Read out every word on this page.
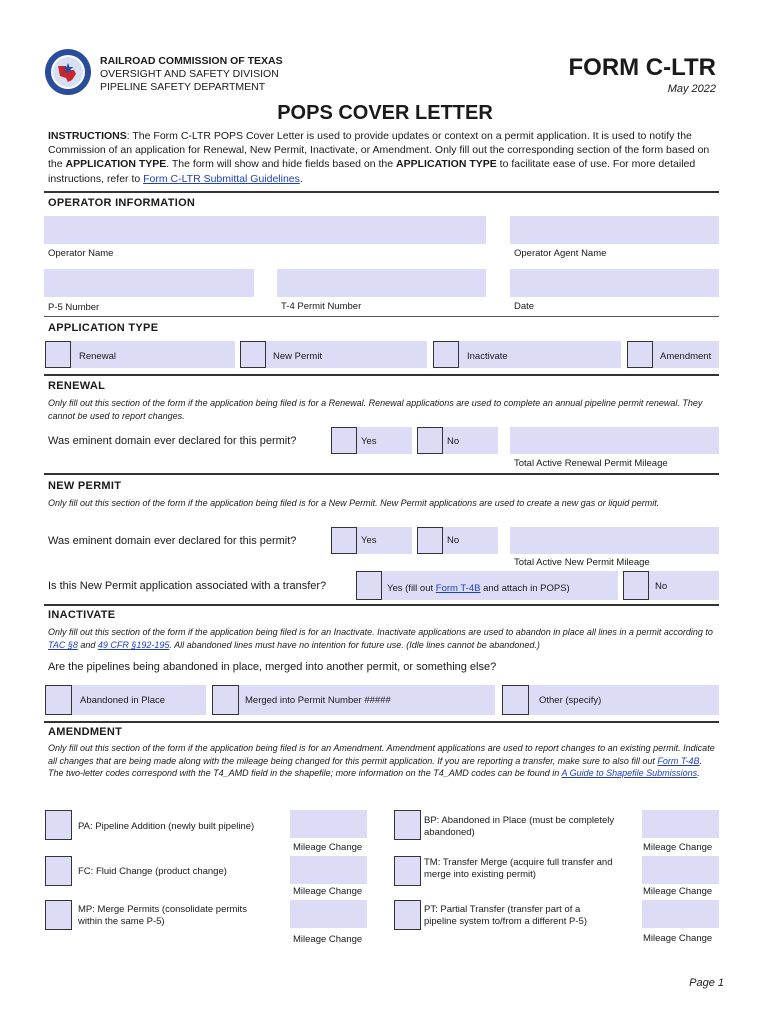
RAILROAD COMMISSION OF TEXAS
OVERSIGHT AND SAFETY DIVISION
PIPELINE SAFETY DEPARTMENT
FORM C-LTR
May 2022
POPS COVER LETTER
INSTRUCTIONS: The Form C-LTR POPS Cover Letter is used to provide updates or context on a permit application. It is used to notify the Commission of an application for Renewal, New Permit, Inactivate, or Amendment. Only fill out the corresponding section of the form based on the APPLICATION TYPE. The form will show and hide fields based on the APPLICATION TYPE to facilitate ease of use. For more detailed instructions, refer to Form C-LTR Submittal Guidelines.
OPERATOR INFORMATION
Operator Name	Operator Agent Name
P-5 Number	T-4 Permit Number	Date
APPLICATION TYPE
Renewal	New Permit	Inactivate	Amendment
RENEWAL
Only fill out this section of the form if the application being filed is for a Renewal. Renewal applications are used to complete an annual pipeline permit renewal. They cannot be used to report changes.
Was eminent domain ever declared for this permit?	Yes	No
Total Active Renewal Permit Mileage
NEW PERMIT
Only fill out this section of the form if the application being filed is for a New Permit. New Permit applications are used to create a new gas or liquid permit.
Was eminent domain ever declared for this permit?	Yes	No
Total Active New Permit Mileage
Is this New Permit application associated with a transfer?	Yes (fill out Form T-4B and attach in POPS)	No
INACTIVATE
Only fill out this section of the form if the application being filed is for an Inactivate. Inactivate applications are used to abandon in place all lines in a permit according to TAC §8 and 49 CFR §192-195. All abandoned lines must have no intention for future use. (Idle lines cannot be abandoned.)
Are the pipelines being abandoned in place, merged into another permit, or something else?
Abandoned in Place	Merged into Permit Number #####	Other (specify)
AMENDMENT
Only fill out this section of the form if the application being filed is for an Amendment. Amendment applications are used to report changes to an existing permit. Indicate all changes that are being made along with the mileage being changed for this permit application. If you are reporting a transfer, make sure to also fill out Form T-4B. The two-letter codes correspond with the T4_AMD field in the shapefile; more information on the T4_AMD codes can be found in A Guide to Shapefile Submissions.
PA: Pipeline Addition (newly built pipeline)
Mileage Change
FC: Fluid Change (product change)
Mileage Change
MP: Merge Permits (consolidate permits within the same P-5)
Mileage Change
BP: Abandoned in Place (must be completely abandoned)
Mileage Change
TM: Transfer Merge (acquire full transfer and merge into existing permit)
Mileage Change
PT: Partial Transfer (transfer part of a pipeline system to/from a different P-5)
Mileage Change
Page 1
